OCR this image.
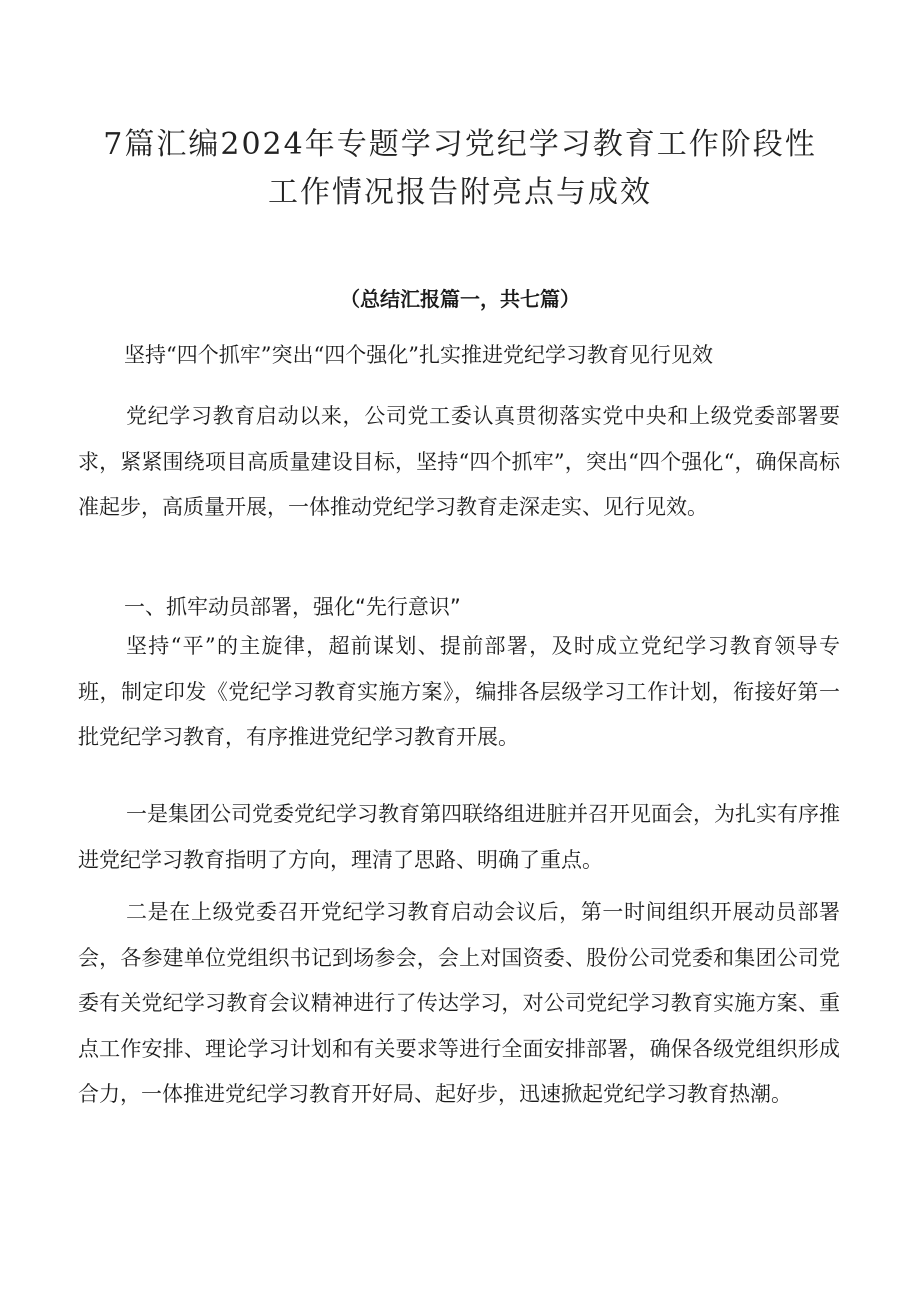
7篇汇编2024年专题学习党纪学习教育工作阶段性
工作情况报告附亮点与成效
（总结汇报篇一，共七篇）
坚持“四个抓牢”突出“四个强化”扎实推进党纪学习教育见行见效
党纪学习教育启动以来，公司党工委认真贯彻落实党中央和上级党委部署要求，紧紧围绕项目高质量建设目标，坚持“四个抓牢”，突出“四个强化“，确保高标准起步，高质量开展，一体推动党纪学习教育走深走实、见行见效。
一、抓牢动员部署，强化“先行意识”
坚持“平”的主旋律，超前谋划、提前部署，及时成立党纪学习教育领导专班，制定印发《党纪学习教育实施方案》，编排各层级学习工作计划，衔接好第一批党纪学习教育，有序推进党纪学习教育开展。
一是集团公司党委党纪学习教育第四联络组进脏并召开见面会，为扎实有序推进党纪学习教育指明了方向，理清了思路、明确了重点。
二是在上级党委召开党纪学习教育启动会议后，第一时间组织开展动员部署会，各参建单位党组织书记到场参会，会上对国资委、股份公司党委和集团公司党委有关党纪学习教育会议精神进行了传达学习，对公司党纪学习教育实施方案、重点工作安排、理论学习计划和有关要求等进行全面安排部署，确保各级党组织形成合力，一体推进党纪学习教育开好局、起好步，迅速掀起党纪学习教育热潮。
